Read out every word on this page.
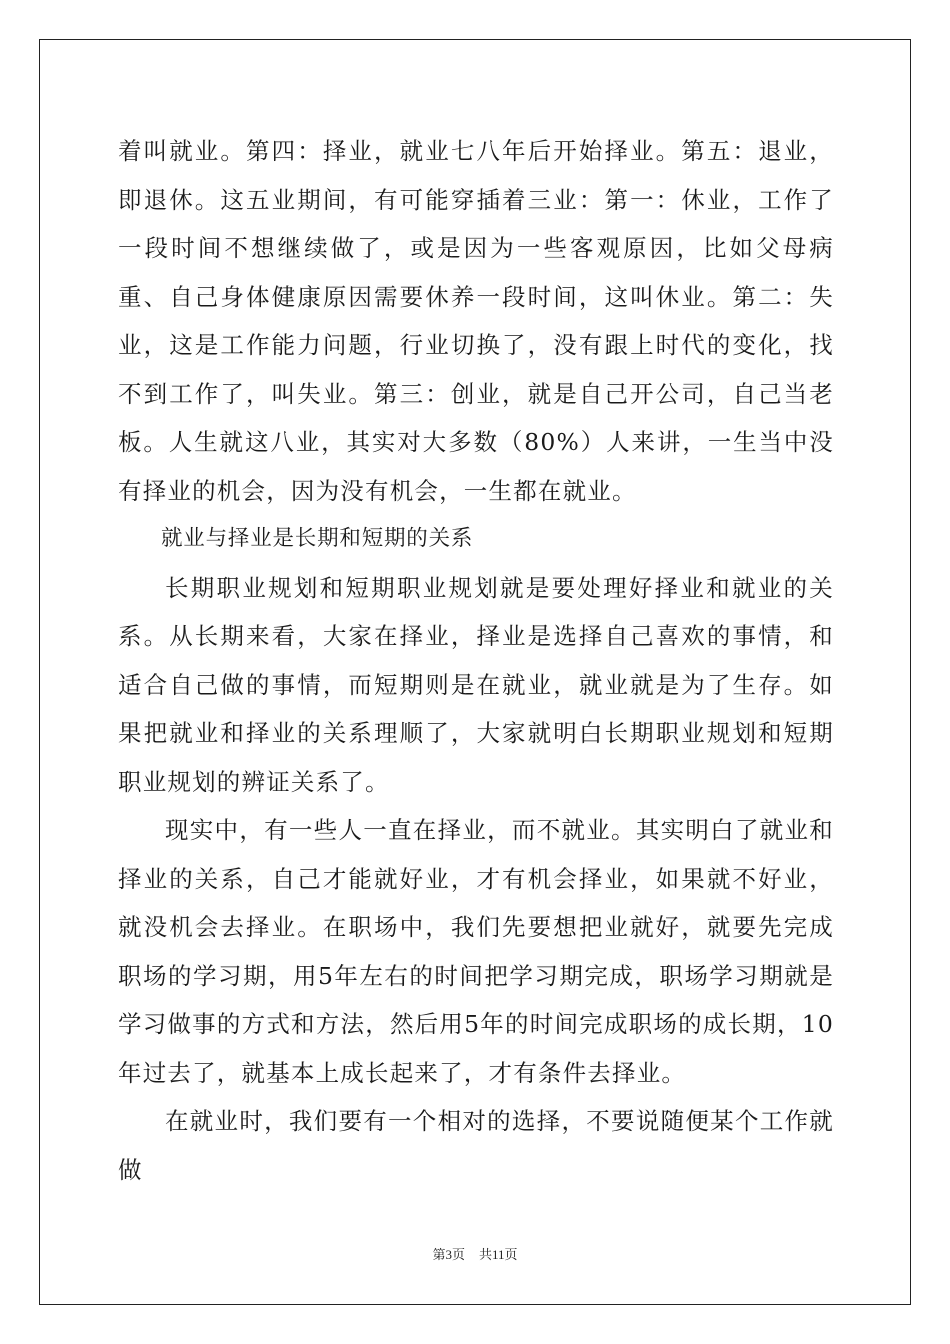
着叫就业。第四：择业，就业七八年后开始择业。第五：退业，即退休。这五业期间，有可能穿插着三业：第一：休业，工作了一段时间不想继续做了，或是因为一些客观原因，比如父母病重、自己身体健康原因需要休养一段时间，这叫休业。第二：失业，这是工作能力问题，行业切换了，没有跟上时代的变化，找不到工作了，叫失业。第三：创业，就是自己开公司，自己当老板。人生就这八业，其实对大多数（80%）人来讲，一生当中没有择业的机会，因为没有机会，一生都在就业。

就业与择业是长期和短期的关系

长期职业规划和短期职业规划就是要处理好择业和就业的关系。从长期来看，大家在择业，择业是选择自己喜欢的事情，和适合自己做的事情，而短期则是在就业，就业就是为了生存。如果把就业和择业的关系理顺了，大家就明白长期职业规划和短期职业规划的辨证关系了。

现实中，有一些人一直在择业，而不就业。其实明白了就业和择业的关系，自己才能就好业，才有机会择业，如果就不好业，就没机会去择业。在职场中，我们先要想把业就好，就要先完成职场的学习期，用5年左右的时间把学习期完成，职场学习期就是学习做事的方式和方法，然后用5年的时间完成职场的成长期，10年过去了，就基本上成长起来了，才有条件去择业。

在就业时，我们要有一个相对的选择，不要说随便某个工作就做

第3页 共11页
